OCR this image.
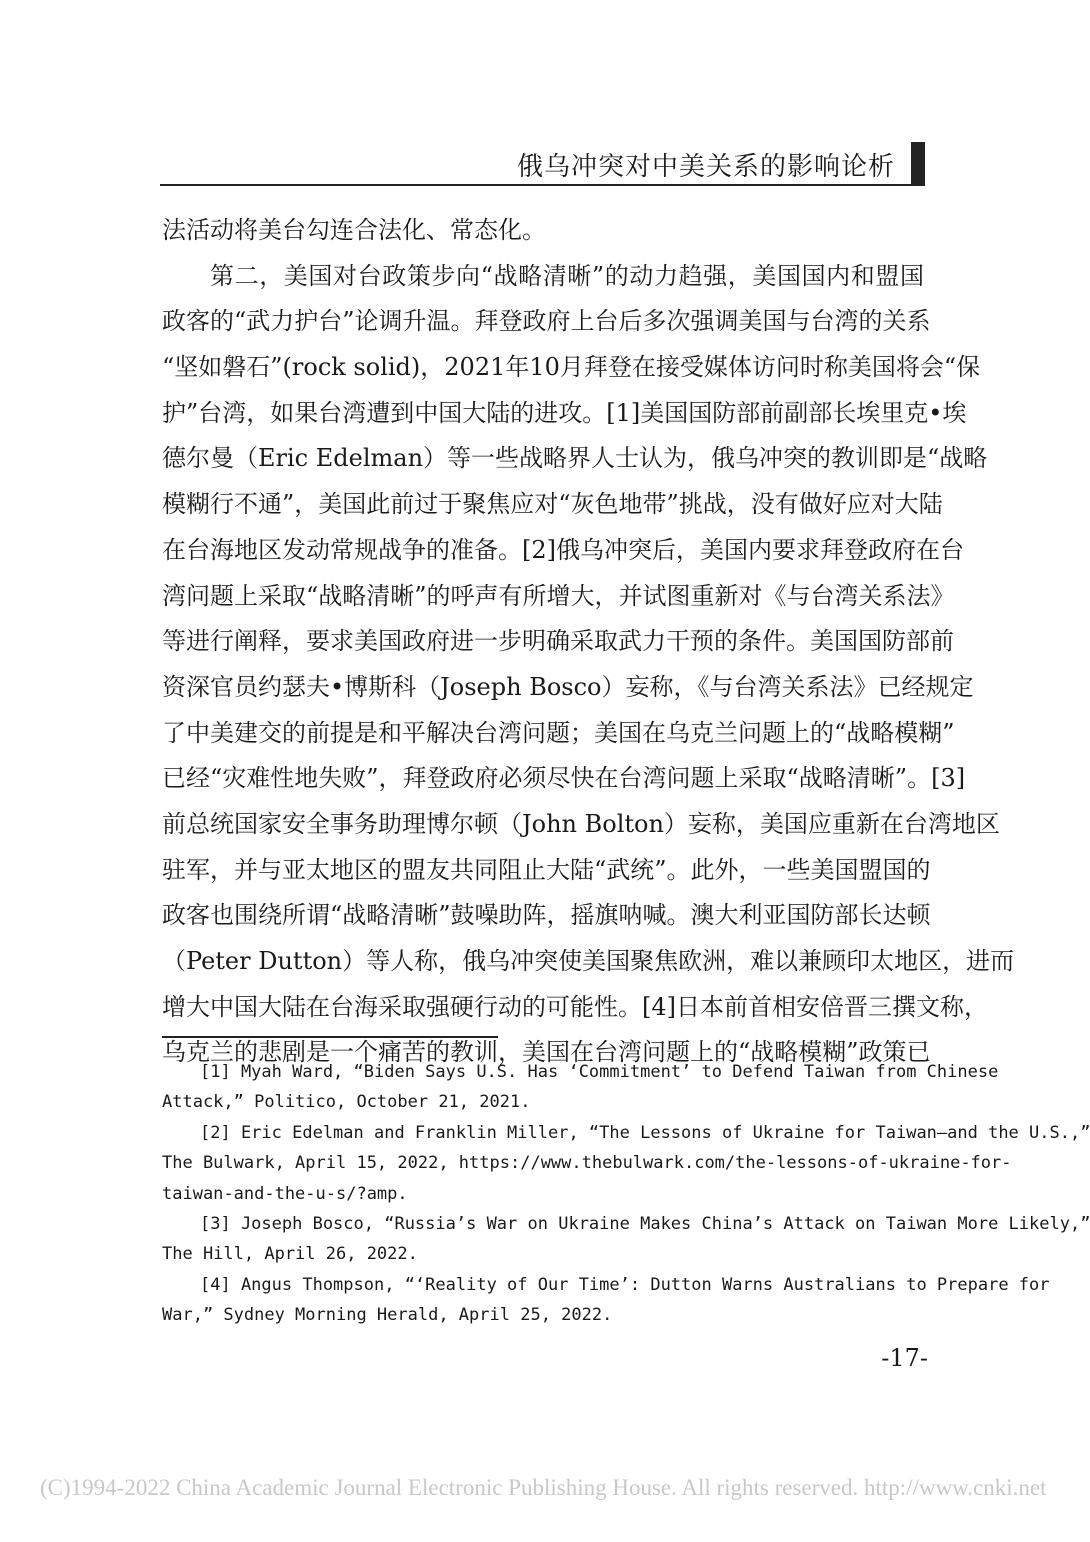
俄乌冲突对中美关系的影响论析
法活动将美台勾连合法化、常态化。
第二，美国对台政策步向“战略清晰”的动力趋强，美国国内和盟国
政客的“武力护台”论调升温。拜登政府上台后多次强调美国与台湾的关系
“坚如磐石”(rock solid)，2021年10月拜登在接受媒体访问时称美国将会“保
护”台湾，如果台湾遭到中国大陆的进攻。[1]美国国防部前副部长埃里克•埃
德尔曼（Eric Edelman）等一些战略界人士认为，俄乌冲突的教训即是“战略
模糊行不通”，美国此前过于聚焦应对“灰色地带”挑战，没有做好应对大陆
在台海地区发动常规战争的准备。[2]俄乌冲突后，美国内要求拜登政府在台
湾问题上采取“战略清晰”的呼声有所增大，并试图重新对《与台湾关系法》
等进行阐释，要求美国政府进一步明确采取武力干预的条件。美国国防部前
资深官员约瑟夫•博斯科（Joseph Bosco）妄称，《与台湾关系法》已经规定
了中美建交的前提是和平解决台湾问题；美国在乌克兰问题上的“战略模糊”
已经“灾难性地失败”，拜登政府必须尽快在台湾问题上采取“战略清晰”。[3]
前总统国家安全事务助理博尔顿（John Bolton）妄称，美国应重新在台湾地区
驻军，并与亚太地区的盟友共同阻止大陆“武统”。此外，一些美国盟国的
政客也围绕所谓“战略清晰”鼓噪助阵，摇旗呐喊。澳大利亚国防部长达顿
（Peter Dutton）等人称，俄乌冲突使美国聚焦欧洲，难以兼顾印太地区，进而
增大中国大陆在台海采取强硬行动的可能性。[4]日本前首相安倍晋三撰文称，
乌克兰的悲剧是一个痛苦的教训，美国在台湾问题上的“战略模糊”政策已
[1] Myah Ward, “Biden Says U.S. Has ‘Commitment’ to Defend Taiwan from Chinese
Attack,” Politico, October 21, 2021.
[2] Eric Edelman and Franklin Miller, “The Lessons of Ukraine for Taiwan—and the U.S.,”
The Bulwark, April 15, 2022, https://www.thebulwark.com/the-lessons-of-ukraine-for-
taiwan-and-the-u-s/?amp.
[3] Joseph Bosco, “Russia’s War on Ukraine Makes China’s Attack on Taiwan More Likely,”
The Hill, April 26, 2022.
[4] Angus Thompson, “‘Reality of Our Time’: Dutton Warns Australians to Prepare for
War,” Sydney Morning Herald, April 25, 2022.
-17-
(C)1994-2022 China Academic Journal Electronic Publishing House. All rights reserved. http://www.cnki.net
